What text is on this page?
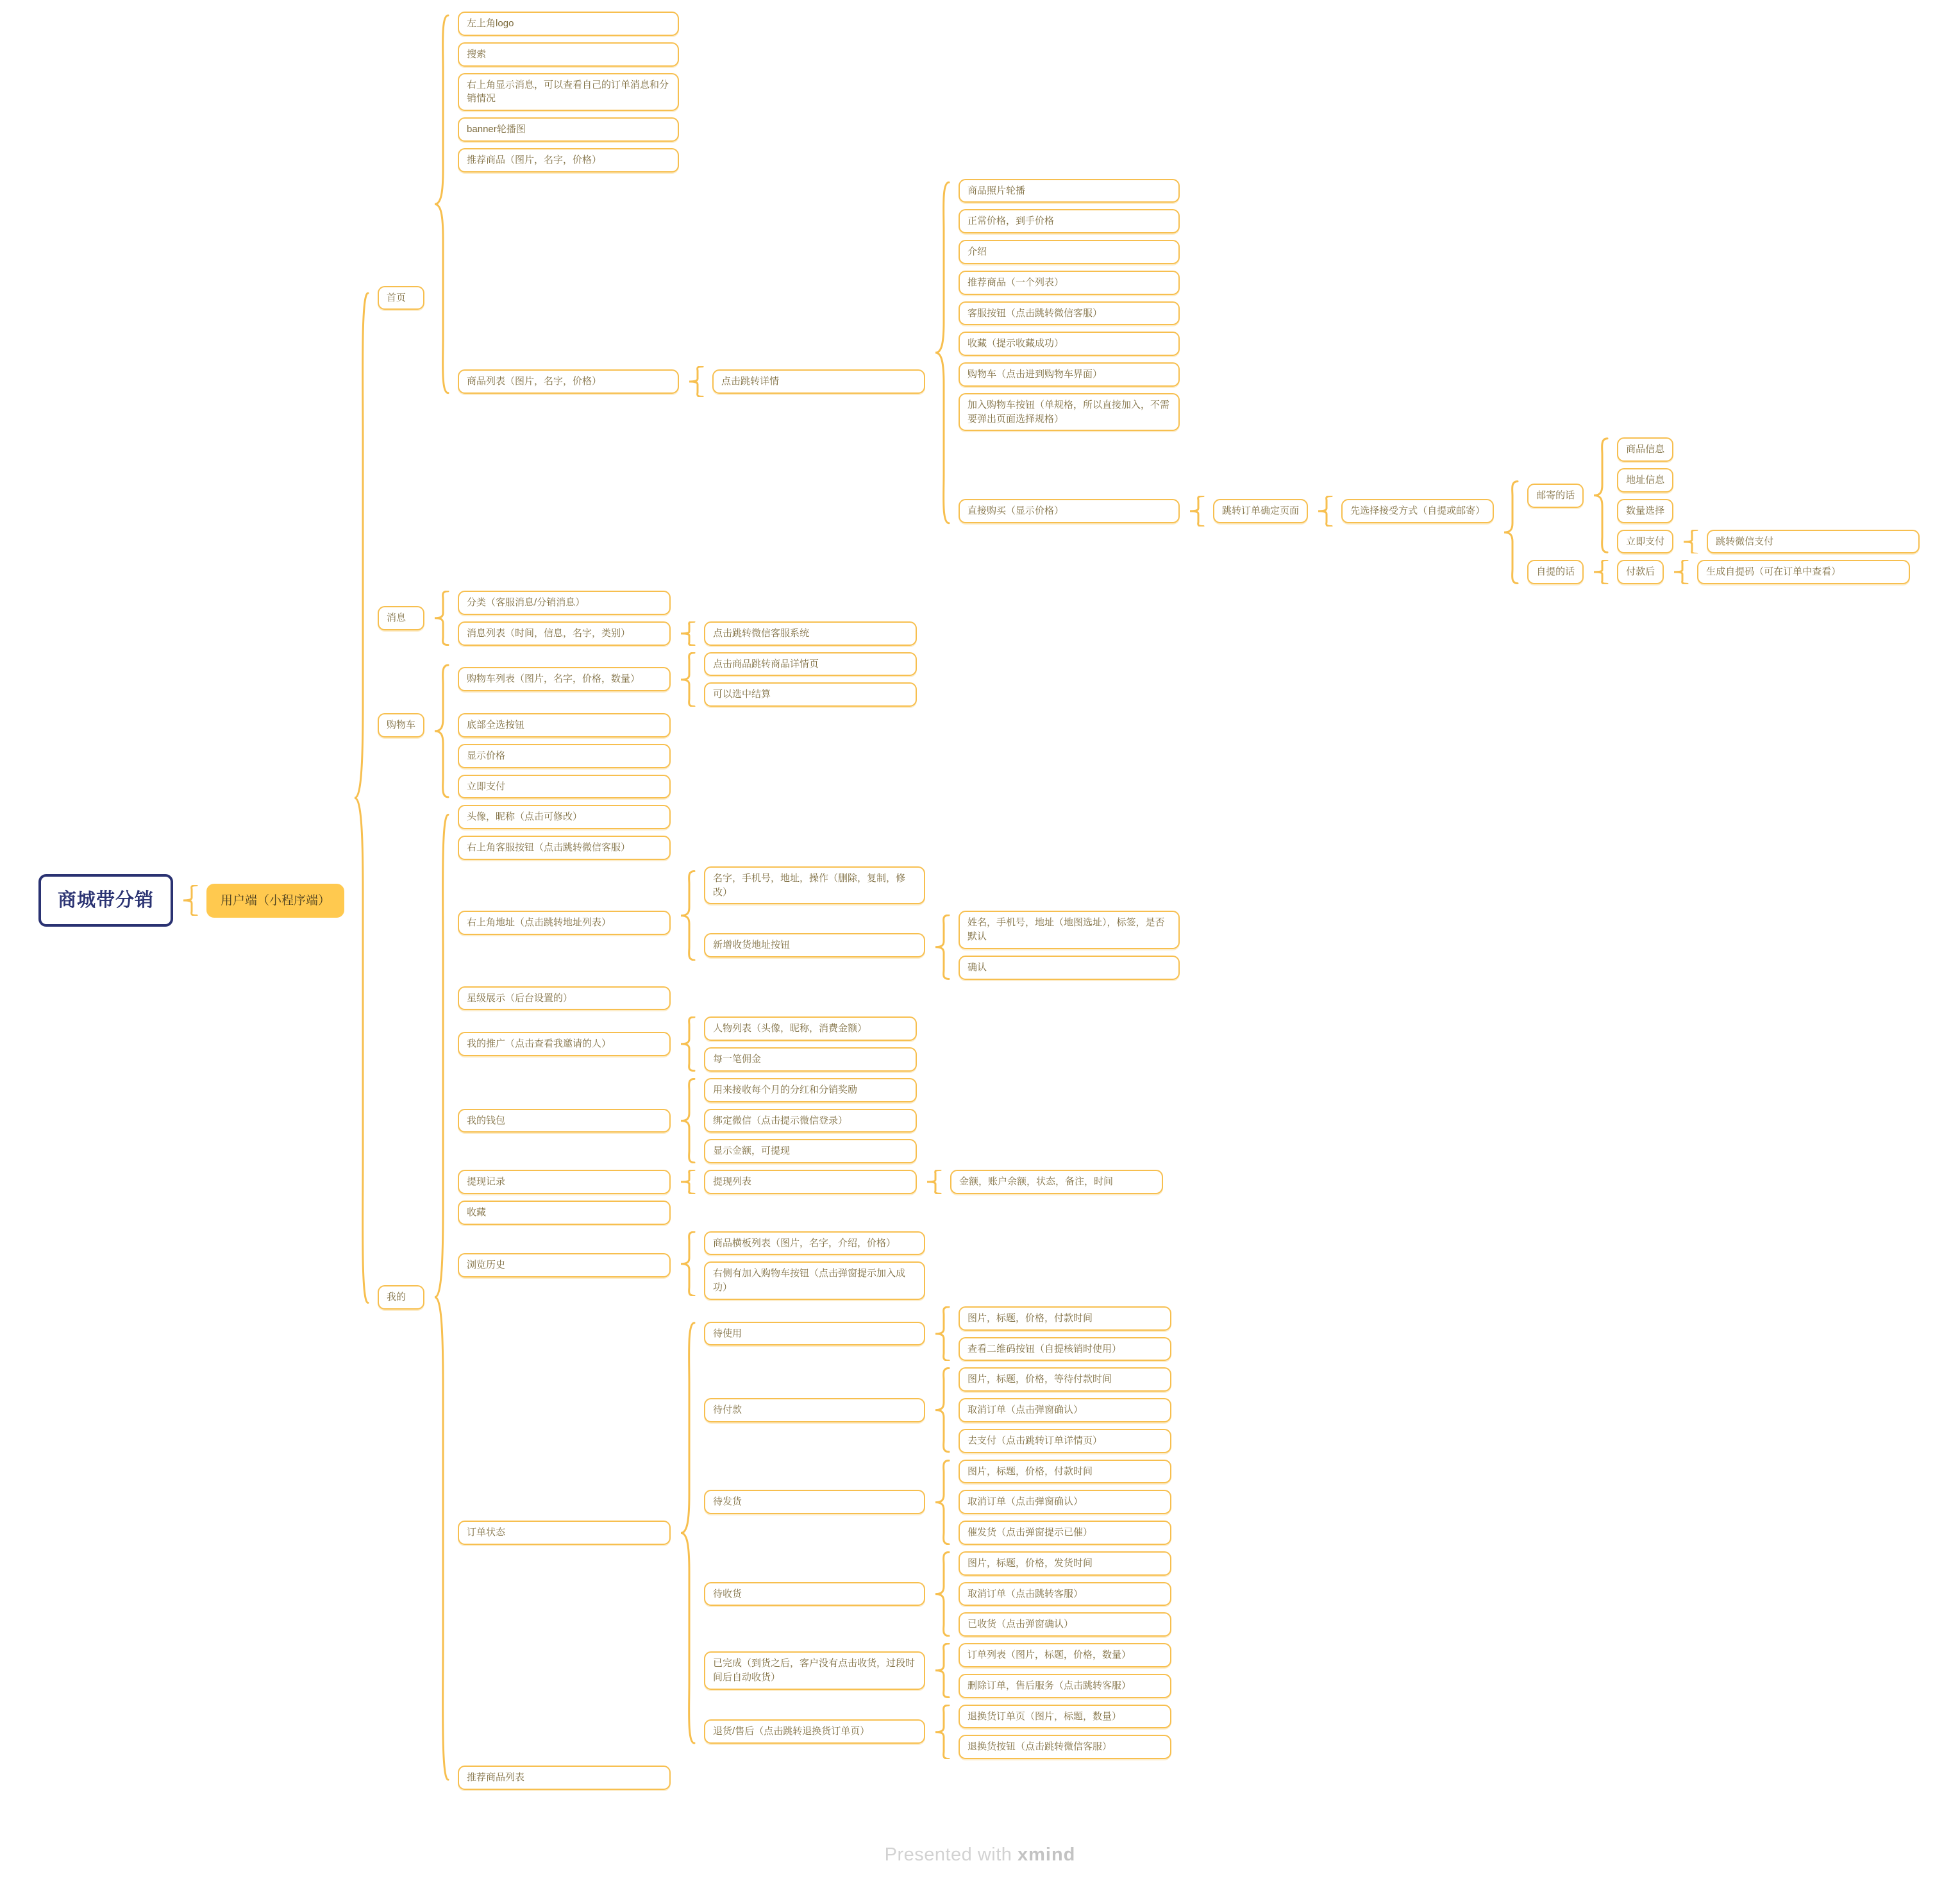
商城带分销	用户端（小程序端）
首页
左上角logo
搜索
右上角显示消息，可以查看自己的订单消息和分销情况
banner轮播图
推荐商品（图片，名字，价格）
商品列表（图片，名字，价格）	点击跳转详情
商品照片轮播
正常价格，到手价格
介绍
推荐商品（一个列表）
客服按钮（点击跳转微信客服）
收藏（提示收藏成功）
购物车（点击进到购物车界面）
加入购物车按钮（单规格，所以直接加入，不需要弹出页面选择规格）
直接购买（显示价格）	跳转订单确定页面	先选择接受方式（自提或邮寄）
邮寄的话
商品信息
地址信息
数量选择
立即支付	跳转微信支付
自提的话	付款后	生成自提码（可在订单中查看）
消息
分类（客服消息/分销消息）
消息列表（时间，信息，名字，类别）	点击跳转微信客服系统
购物车
购物车列表（图片，名字，价格，数量）
点击商品跳转商品详情页
可以选中结算
底部全选按钮
显示价格
立即支付
我的
头像，昵称（点击可修改）
右上角客服按钮（点击跳转微信客服）
右上角地址（点击跳转地址列表）
名字，手机号，地址，操作（删除，复制，修改）
新增收货地址按钮
姓名，手机号，地址（地图选址），标签，是否默认
确认
星级展示（后台设置的）
我的推广（点击查看我邀请的人）
人物列表（头像，昵称，消费金额）
每一笔佣金
我的钱包
用来接收每个月的分红和分销奖励
绑定微信（点击提示微信登录）
显示金额，可提现
提现记录	提现列表	金额，账户余额，状态，备注，时间
收藏
浏览历史
商品横板列表（图片，名字，介绍，价格）
右侧有加入购物车按钮（点击弹窗提示加入成功）
订单状态
待使用
图片，标题，价格，付款时间
查看二维码按钮（自提核销时使用）
待付款
图片，标题，价格，等待付款时间
取消订单（点击弹窗确认）
去支付（点击跳转订单详情页）
待发货
图片，标题，价格，付款时间
取消订单（点击弹窗确认）
催发货（点击弹窗提示已催）
待收货
图片，标题，价格，发货时间
取消订单（点击跳转客服）
已收货（点击弹窗确认）
已完成（到货之后，客户没有点击收货，过段时间后自动收货）
订单列表（图片，标题，价格，数量）
删除订单，售后服务（点击跳转客服）
退货/售后（点击跳转退换货订单页）
退换货订单页（图片，标题，数量）
退换货按钮（点击跳转微信客服）
推荐商品列表
Presented with xmind
